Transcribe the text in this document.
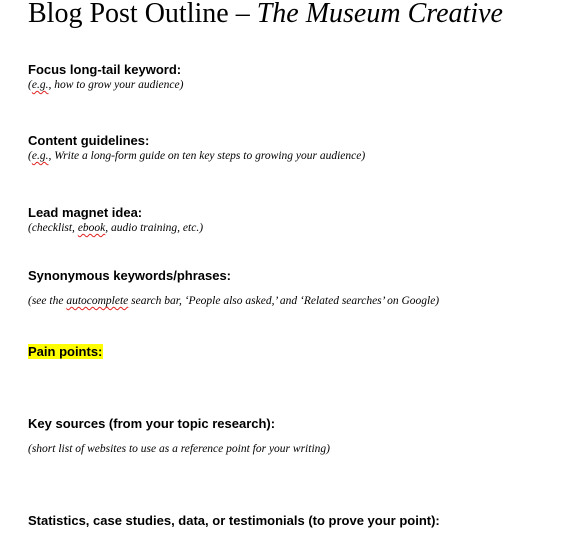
Blog Post Outline – The Museum Creative
Focus long-tail keyword:
(e.g., how to grow your audience)
Content guidelines:
(e.g., Write a long-form guide on ten key steps to growing your audience)
Lead magnet idea:
(checklist, ebook, audio training, etc.)
Synonymous keywords/phrases:
(see the autocomplete search bar, ‘People also asked,’ and ‘Related searches’ on Google)
Pain points:
Key sources (from your topic research):
(short list of websites to use as a reference point for your writing)
Statistics, case studies, data, or testimonials (to prove your point):
